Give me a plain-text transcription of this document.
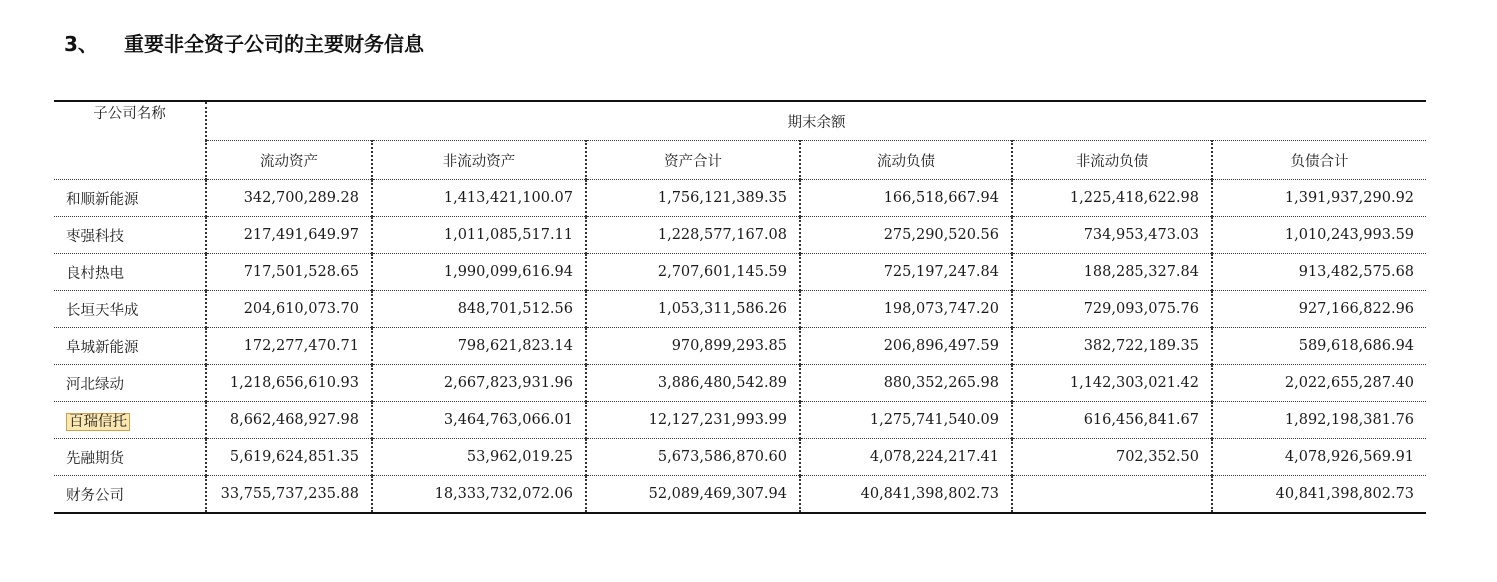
3、 重要非全资子公司的主要财务信息
子公司名称	期末余额					
	流动资产	非流动资产	资产合计	流动负债	非流动负债	负债合计
和顺新能源	342,700,289.28	1,413,421,100.07	1,756,121,389.35	166,518,667.94	1,225,418,622.98	1,391,937,290.92
枣强科技	217,491,649.97	1,011,085,517.11	1,228,577,167.08	275,290,520.56	734,953,473.03	1,010,243,993.59
良村热电	717,501,528.65	1,990,099,616.94	2,707,601,145.59	725,197,247.84	188,285,327.84	913,482,575.68
长垣天华成	204,610,073.70	848,701,512.56	1,053,311,586.26	198,073,747.20	729,093,075.76	927,166,822.96
阜城新能源	172,277,470.71	798,621,823.14	970,899,293.85	206,896,497.59	382,722,189.35	589,618,686.94
河北绿动	1,218,656,610.93	2,667,823,931.96	3,886,480,542.89	880,352,265.98	1,142,303,021.42	2,022,655,287.40
百瑞信托	8,662,468,927.98	3,464,763,066.01	12,127,231,993.99	1,275,741,540.09	616,456,841.67	1,892,198,381.76
先融期货	5,619,624,851.35	53,962,019.25	5,673,586,870.60	4,078,224,217.41	702,352.50	4,078,926,569.91
财务公司	33,755,737,235.88	18,333,732,072.06	52,089,469,307.94	40,841,398,802.73		40,841,398,802.73
